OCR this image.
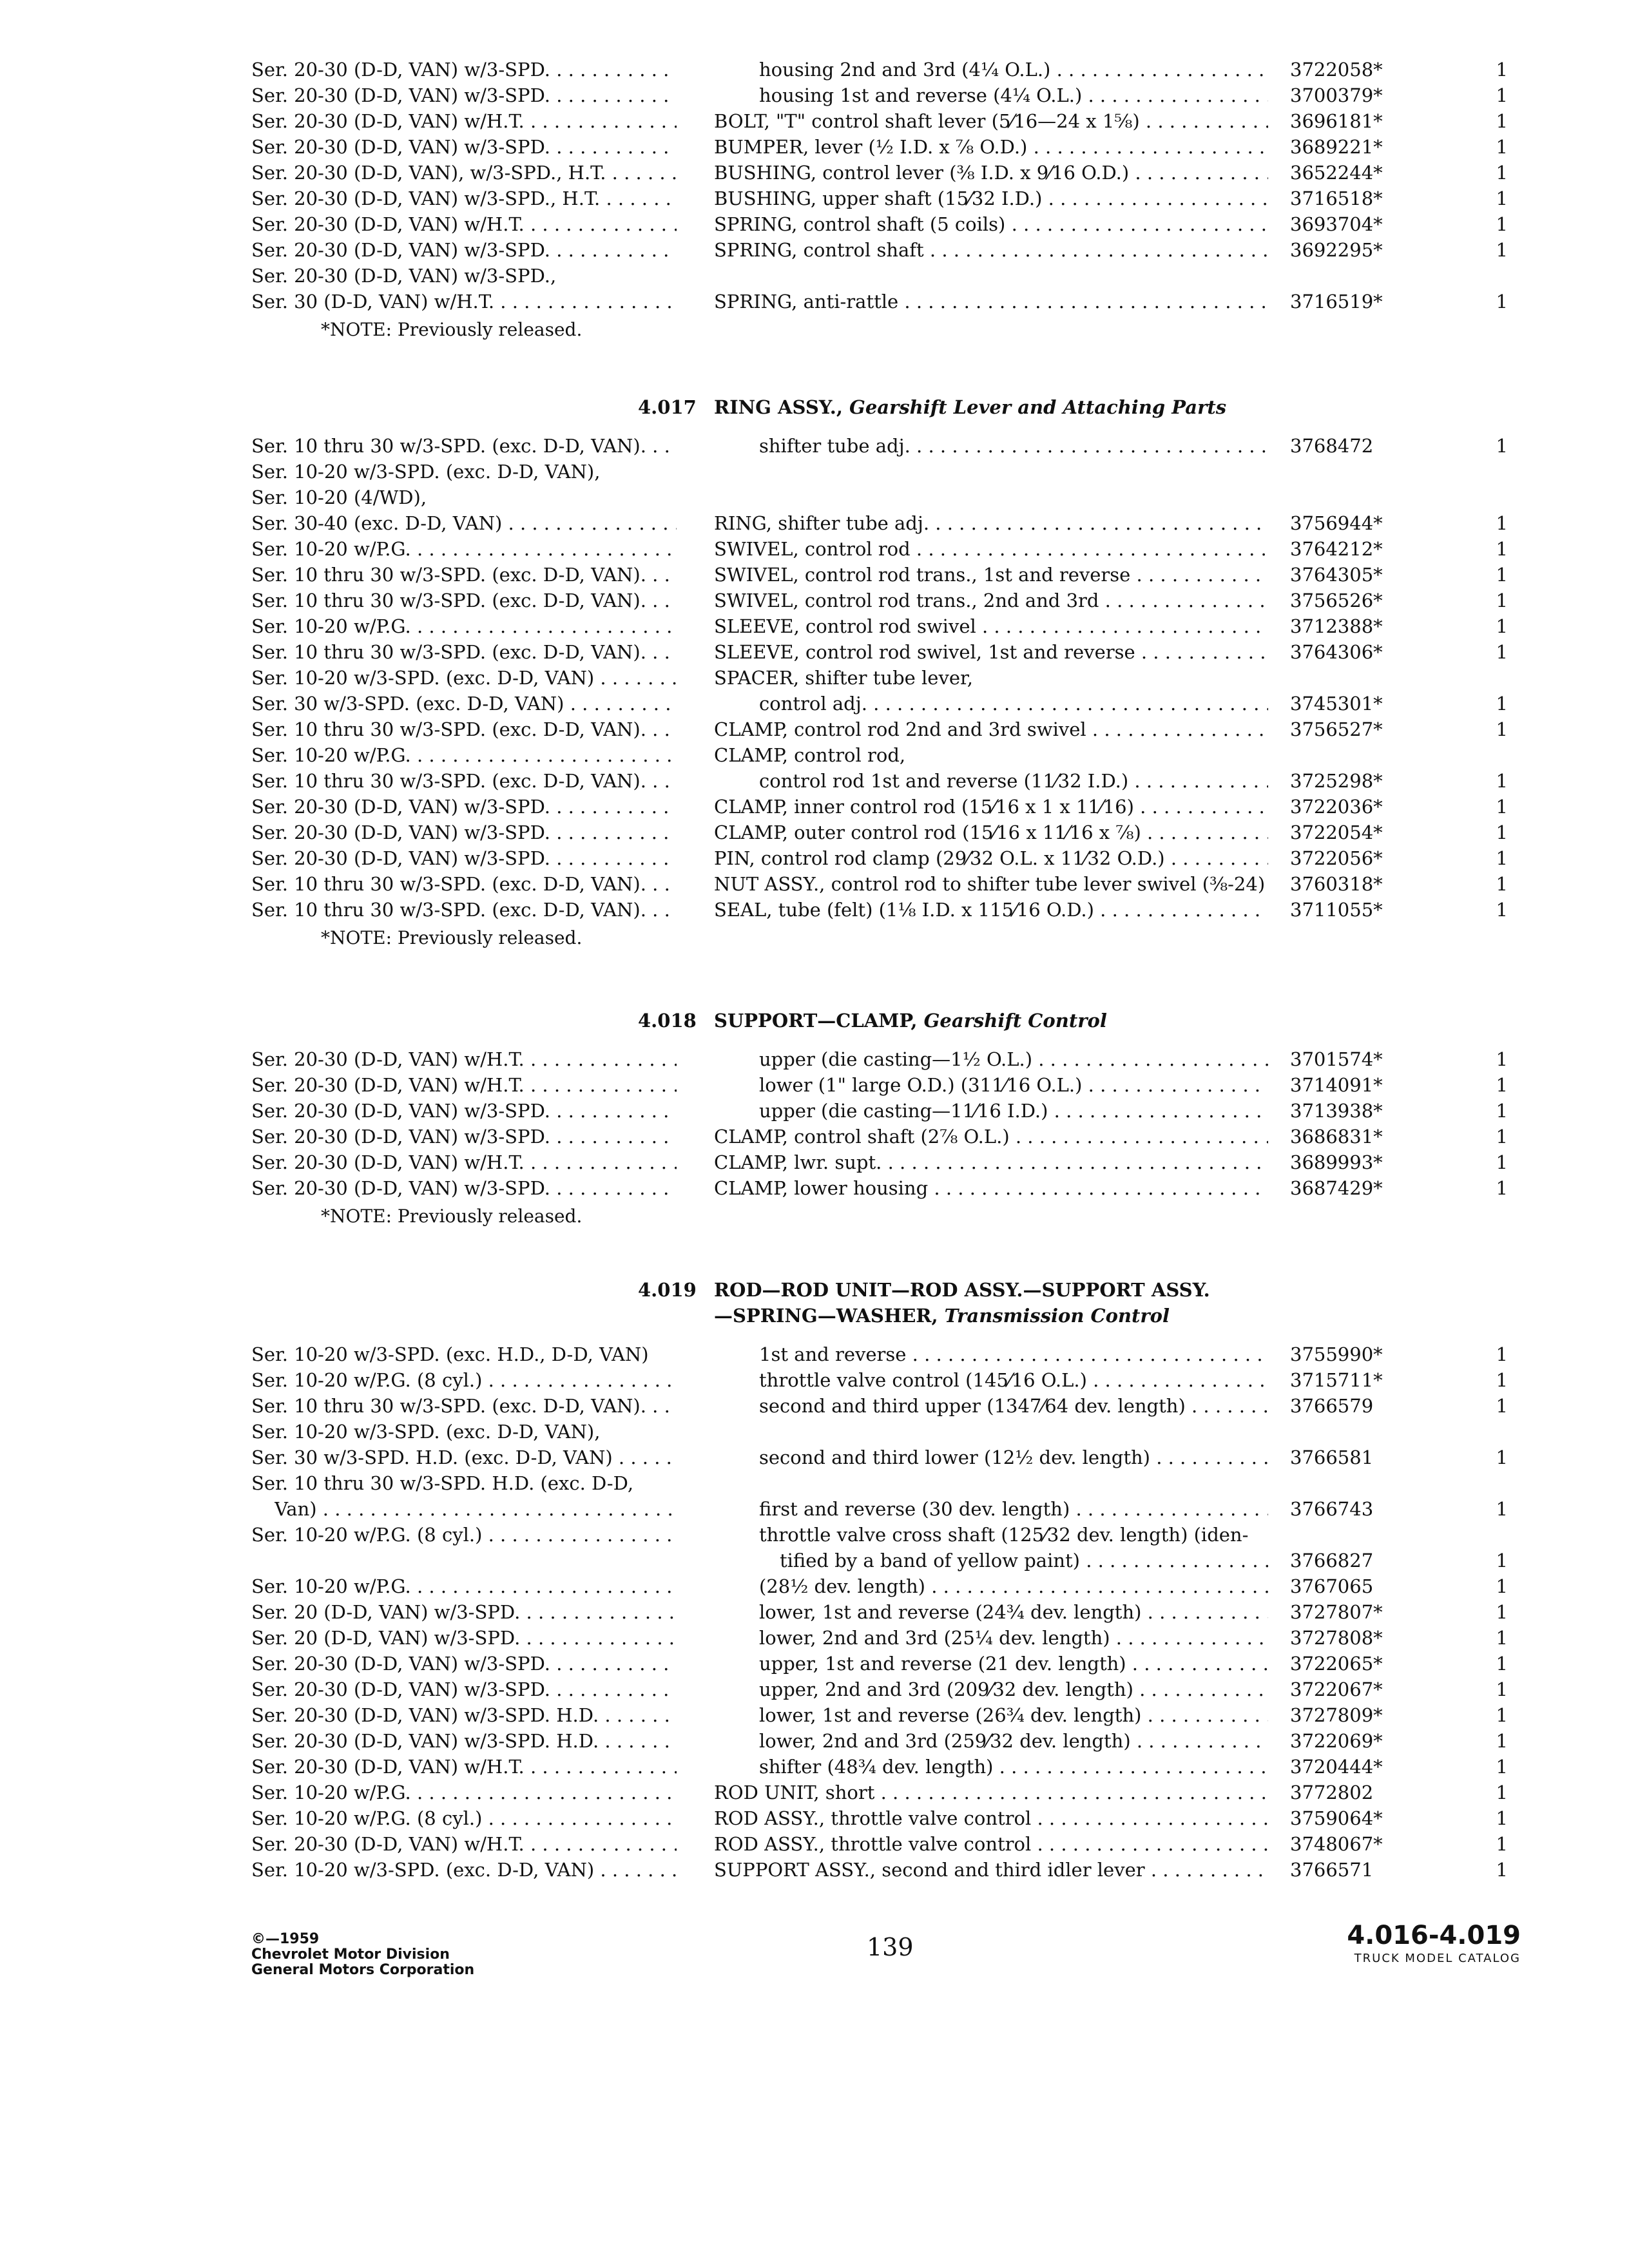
Ser. 20-30 (D-D, VAN) w/3-SPD. . . .	housing 2nd and 3rd (4¼ O.L.) . . .	3722058*	1
Ser. 20-30 (D-D, VAN) w/3-SPD. . . .	housing 1st and reverse (4¼ O.L.) . . .	3700379*	1
Ser. 20-30 (D-D, VAN) w/H.T. . . .	BOLT, "T" control shaft lever (5⁄16—24 x 1⅝) . . .	3696181*	1
Ser. 20-30 (D-D, VAN) w/3-SPD. . . .	BUMPER, lever (½ I.D. x ⅞ O.D.) . . .	3689221*	1
Ser. 20-30 (D-D, VAN), w/3-SPD., H.T. . . .	BUSHING, control lever (⅜ I.D. x 9⁄16 O.D.) . . .	3652244*	1
Ser. 20-30 (D-D, VAN) w/3-SPD., H.T. . . .	BUSHING, upper shaft (15⁄32 I.D.) . . .	3716518*	1
Ser. 20-30 (D-D, VAN) w/H.T. . . .	SPRING, control shaft (5 coils) . . .	3693704*	1
Ser. 20-30 (D-D, VAN) w/3-SPD. . . .	SPRING, control shaft . . .	3692295*	1
Ser. 20-30 (D-D, VAN) w/3-SPD.,
Ser. 30 (D-D, VAN) w/H.T. . . .	SPRING, anti-rattle . . .	3716519*	1
*NOTE: Previously released.
4.017 RING ASSY., Gearshift Lever and Attaching Parts
Ser. 10 thru 30 w/3-SPD. (exc. D-D, VAN). . . .	shifter tube adj. . . .	3768472	1
Ser. 10-20 w/3-SPD. (exc. D-D, VAN),
Ser. 10-20 (4/WD),
Ser. 30-40 (exc. D-D, VAN) . . .	RING, shifter tube adj. . . .	3756944*	1
Ser. 10-20 w/P.G. . . .	SWIVEL, control rod . . .	3764212*	1
Ser. 10 thru 30 w/3-SPD. (exc. D-D, VAN). . . .	SWIVEL, control rod trans., 1st and reverse . . .	3764305*	1
Ser. 10 thru 30 w/3-SPD. (exc. D-D, VAN). . . .	SWIVEL, control rod trans., 2nd and 3rd . . .	3756526*	1
Ser. 10-20 w/P.G. . . .	SLEEVE, control rod swivel . . .	3712388*	1
Ser. 10 thru 30 w/3-SPD. (exc. D-D, VAN). . . .	SLEEVE, control rod swivel, 1st and reverse . . .	3764306*	1
Ser. 10-20 w/3-SPD. (exc. D-D, VAN) . . .	SPACER, shifter tube lever,
Ser. 30 w/3-SPD. (exc. D-D, VAN) . . .	control adj. . . .	3745301*	1
Ser. 10 thru 30 w/3-SPD. (exc. D-D, VAN). . . .	CLAMP, control rod 2nd and 3rd swivel . . .	3756527*	1
Ser. 10-20 w/P.G. . . .	CLAMP, control rod,
Ser. 10 thru 30 w/3-SPD. (exc. D-D, VAN). . . .	control rod 1st and reverse (11⁄32 I.D.) . . .	3725298*	1
Ser. 20-30 (D-D, VAN) w/3-SPD. . . .	CLAMP, inner control rod (15⁄16 x 1 x 11⁄16) . . .	3722036*	1
Ser. 20-30 (D-D, VAN) w/3-SPD. . . .	CLAMP, outer control rod (15⁄16 x 11⁄16 x ⅞) . . .	3722054*	1
Ser. 20-30 (D-D, VAN) w/3-SPD. . . .	PIN, control rod clamp (29⁄32 O.L. x 11⁄32 O.D.) . . .	3722056*	1
Ser. 10 thru 30 w/3-SPD. (exc. D-D, VAN). . . .	NUT ASSY., control rod to shifter tube lever swivel (⅜-24) 3760318*	1
Ser. 10 thru 30 w/3-SPD. (exc. D-D, VAN). . . .	SEAL, tube (felt) (1⅛ I.D. x 115⁄16 O.D.) . . .	3711055*	1
*NOTE: Previously released.
4.018 SUPPORT—CLAMP, Gearshift Control
Ser. 20-30 (D-D, VAN) w/H.T. . . .	upper (die casting—1½ O.L.) . . .	3701574*	1
Ser. 20-30 (D-D, VAN) w/H.T. . . .	lower (1" large O.D.) (311⁄16 O.L.) . . .	3714091*	1
Ser. 20-30 (D-D, VAN) w/3-SPD. . . .	upper (die casting—11⁄16 I.D.) . . .	3713938*	1
Ser. 20-30 (D-D, VAN) w/3-SPD. . . .	CLAMP, control shaft (2⅞ O.L.) . . .	3686831*	1
Ser. 20-30 (D-D, VAN) w/H.T. . . .	CLAMP, lwr. supt. . . .	3689993*	1
Ser. 20-30 (D-D, VAN) w/3-SPD. . . .	CLAMP, lower housing . . .	3687429*	1
*NOTE: Previously released.
4.019 ROD—ROD UNIT—ROD ASSY.—SUPPORT ASSY.
—SPRING—WASHER, Transmission Control
Ser. 10-20 w/3-SPD. (exc. H.D., D-D, VAN)	1st and reverse . . .	3755990*	1
Ser. 10-20 w/P.G. (8 cyl.) . . .	throttle valve control (145⁄16 O.L.) . . .	3715711*	1
Ser. 10 thru 30 w/3-SPD. (exc. D-D, VAN). . . .	second and third upper (1347⁄64 dev. length) . . .	3766579	1
Ser. 10-20 w/3-SPD. (exc. D-D, VAN),
Ser. 30 w/3-SPD. H.D. (exc. D-D, VAN) . . .	second and third lower (12½ dev. length) . . .	3766581	1
Ser. 10 thru 30 w/3-SPD. H.D. (exc. D-D,
Van) . . .	first and reverse (30 dev. length) . . .	3766743	1
Ser. 10-20 w/P.G. (8 cyl.) . . .	throttle valve cross shaft (125⁄32 dev. length) (iden-
tified by a band of yellow paint) . . .	3766827	1
Ser. 10-20 w/P.G. . . .	(28½ dev. length) . . .	3767065	1
Ser. 20 (D-D, VAN) w/3-SPD. . . .	lower, 1st and reverse (24¾ dev. length) . . .	3727807*	1
Ser. 20 (D-D, VAN) w/3-SPD. . . .	lower, 2nd and 3rd (25¼ dev. length) . . .	3727808*	1
Ser. 20-30 (D-D, VAN) w/3-SPD. . . .	upper, 1st and reverse (21 dev. length) . . .	3722065*	1
Ser. 20-30 (D-D, VAN) w/3-SPD. . . .	upper, 2nd and 3rd (209⁄32 dev. length) . . .	3722067*	1
Ser. 20-30 (D-D, VAN) w/3-SPD. H.D. . . .	lower, 1st and reverse (26¾ dev. length) . . .	3727809*	1
Ser. 20-30 (D-D, VAN) w/3-SPD. H.D. . . .	lower, 2nd and 3rd (259⁄32 dev. length) . . .	3722069*	1
Ser. 20-30 (D-D, VAN) w/H.T. . . .	shifter (48¾ dev. length) . . .	3720444*	1
Ser. 10-20 w/P.G. . . .	ROD UNIT, short . . .	3772802	1
Ser. 10-20 w/P.G. (8 cyl.) . . .	ROD ASSY., throttle valve control . . .	3759064*	1
Ser. 20-30 (D-D, VAN) w/H.T. . . .	ROD ASSY., throttle valve control . . .	3748067*	1
Ser. 10-20 w/3-SPD. (exc. D-D, VAN) . . .	SUPPORT ASSY., second and third idler lever . . .	3766571	1
©—1959
Chevrolet Motor Division
General Motors Corporation
139	4.016-4.019
TRUCK MODEL CATALOG
